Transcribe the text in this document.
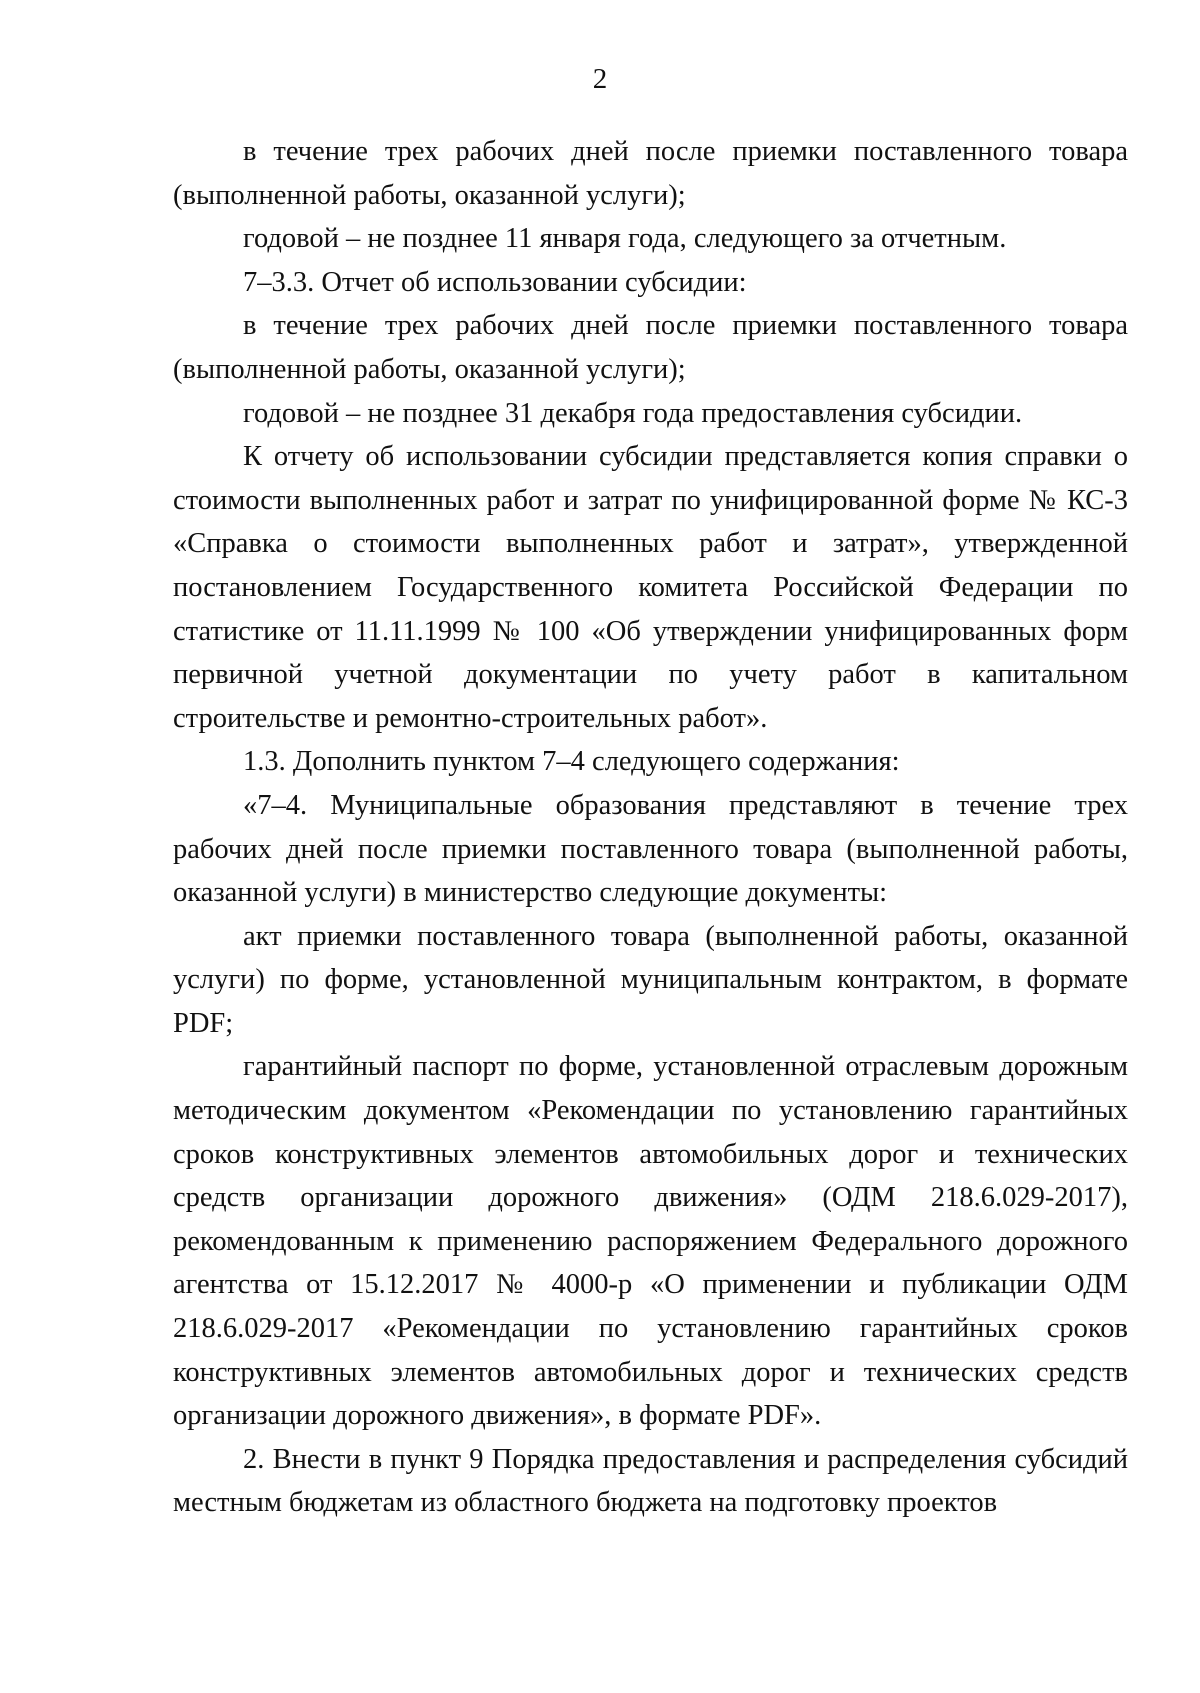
2

в течение трех рабочих дней после приемки поставленного товара (выполненной работы, оказанной услуги);

годовой – не позднее 11 января года, следующего за отчетным.

7–3.3. Отчет об использовании субсидии:

в течение трех рабочих дней после приемки поставленного товара (выполненной работы, оказанной услуги);

годовой – не позднее 31 декабря года предоставления субсидии.

К отчету об использовании субсидии представляется копия справки о стоимости выполненных работ и затрат по унифицированной форме № КС-3 «Справка о стоимости выполненных работ и затрат», утвержденной постановлением Государственного комитета Российской Федерации по статистике от 11.11.1999 № 100 «Об утверждении унифицированных форм первичной учетной документации по учету работ в капитальном строительстве и ремонтно-строительных работ».

1.3. Дополнить пунктом 7–4 следующего содержания:

«7–4. Муниципальные образования представляют в течение трех рабочих дней после приемки поставленного товара (выполненной работы, оказанной услуги) в министерство следующие документы:

акт приемки поставленного товара (выполненной работы, оказанной услуги) по форме, установленной муниципальным контрактом, в формате PDF;

гарантийный паспорт по форме, установленной отраслевым дорожным методическим документом «Рекомендации по установлению гарантийных сроков конструктивных элементов автомобильных дорог и технических средств организации дорожного движения» (ОДМ 218.6.029-2017), рекомендованным к применению распоряжением Федерального дорожного агентства от 15.12.2017 № 4000-р «О применении и публикации ОДМ 218.6.029-2017 «Рекомендации по установлению гарантийных сроков конструктивных элементов автомобильных дорог и технических средств организации дорожного движения», в формате PDF».

2. Внести в пункт 9 Порядка предоставления и распределения субсидий местным бюджетам из областного бюджета на подготовку проектов
